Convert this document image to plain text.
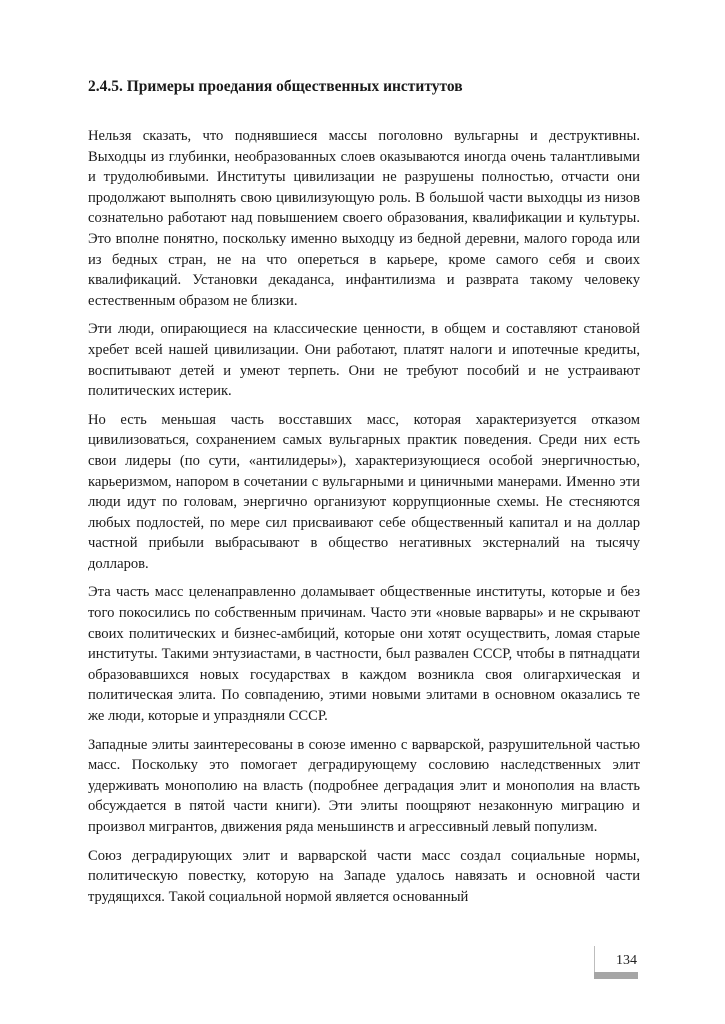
2.4.5. Примеры проедания общественных институтов

Нельзя сказать, что поднявшиеся массы поголовно вульгарны и деструктивны. Выходцы из глубинки, необразованных слоев оказываются иногда очень талантливыми и трудолюбивыми. Институты цивилизации не разрушены полностью, отчасти они продолжают выполнять свою цивилизующую роль. В большой части выходцы из низов сознательно работают над повышением своего образования, квалификации и культуры. Это вполне понятно, поскольку именно выходцу из бедной деревни, малого города или из бедных стран, не на что опереться в карьере, кроме самого себя и своих квалификаций. Установки декаданса, инфантилизма и разврата такому человеку естественным образом не близки.

Эти люди, опирающиеся на классические ценности, в общем и составляют становой хребет всей нашей цивилизации. Они работают, платят налоги и ипотечные кредиты, воспитывают детей и умеют терпеть. Они не требуют пособий и не устраивают политических истерик.

Но есть меньшая часть восставших масс, которая характеризуется отказом цивилизоваться, сохранением самых вульгарных практик поведения. Среди них есть свои лидеры (по сути, «антилидеры»), характеризующиеся особой энергичностью, карьеризмом, напором в сочетании с вульгарными и циничными манерами. Именно эти люди идут по головам, энергично организуют коррупционные схемы. Не стесняются любых подлостей, по мере сил присваивают себе общественный капитал и на доллар частной прибыли выбрасывают в общество негативных экстерналий на тысячу долларов.

Эта часть масс целенаправленно доламывает общественные институты, которые и без того покосились по собственным причинам. Часто эти «новые варвары» и не скрывают своих политических и бизнес-амбиций, которые они хотят осуществить, ломая старые институты. Такими энтузиастами, в частности, был развален СССР, чтобы в пятнадцати образовавшихся новых государствах в каждом возникла своя олигархическая и политическая элита. По совпадению, этими новыми элитами в основном оказались те же люди, которые и упраздняли СССР.

Западные элиты заинтересованы в союзе именно с варварской, разрушительной частью масс. Поскольку это помогает деградирующему сословию наследственных элит удерживать монополию на власть (подробнее деградация элит и монополия на власть обсуждается в пятой части книги). Эти элиты поощряют незаконную миграцию и произвол мигрантов, движения ряда меньшинств и агрессивный левый популизм.

Союз деградирующих элит и варварской части масс создал социальные нормы, политическую повестку, которую на Западе удалось навязать и основной части трудящихся. Такой социальной нормой является основанный

134
